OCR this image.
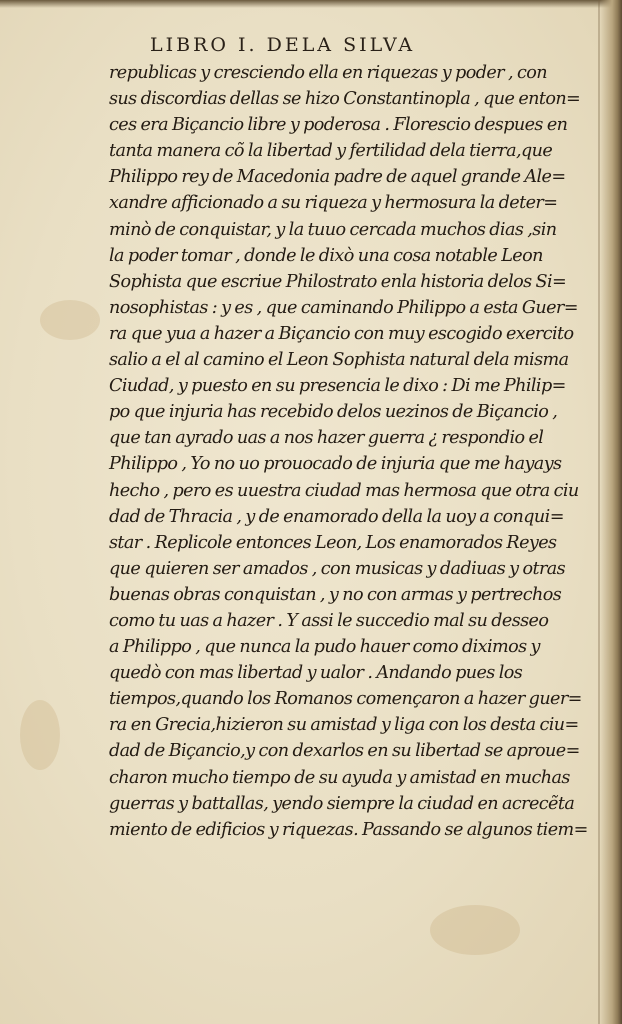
LIBRO I. DELA SILVA
republicas y cresciendo ella en riquezas y poder , con
sus discordias dellas se hizo Constantinopla , que enton=
ces era Biçancio libre y poderosa . Florescio despues en
tanta manera cõ la libertad y fertilidad dela tierra,que
Philippo rey de Macedonia padre de aquel grande Ale=
xandre afficionado a su riqueza y hermosura la deter=
minò de conquistar, y la tuuo cercada muchos dias ,sin
la poder tomar , donde le dixò una cosa notable Leon
Sophista que escriue Philostrato enla historia delos Si=
nosophistas : y es , que caminando Philippo a esta Guer=
ra que yua a hazer a Biçancio con muy escogido exercito
salio a el al camino el Leon Sophista natural dela misma
Ciudad, y puesto en su presencia le dixo : Di me Philip=
po que injuria has recebido delos uezinos de Biçancio ,
que tan ayrado uas a nos hazer guerra ¿ respondio el
Philippo , Yo no uo prouocado de injuria que me hayays
hecho , pero es uuestra ciudad mas hermosa que otra ciu
dad de Thracia , y de enamorado della la uoy a conqui=
star . Replicole entonces Leon, Los enamorados Reyes
que quieren ser amados , con musicas y dadiuas y otras
buenas obras conquistan , y no con armas y pertrechos
como tu uas a hazer . Y assi le succedio mal su desseo
a Philippo , que nunca la pudo hauer como diximos y
quedò con mas libertad y ualor . Andando pues los
tiempos,quando los Romanos començaron a hazer guer=
ra en Grecia,hizieron su amistad y liga con los desta ciu=
dad de Biçancio,y con dexarlos en su libertad se aproue=
charon mucho tiempo de su ayuda y amistad en muchas
guerras y battallas, yendo siempre la ciudad en acrecẽta
miento de edificios y riquezas. Passando se algunos tiem=
